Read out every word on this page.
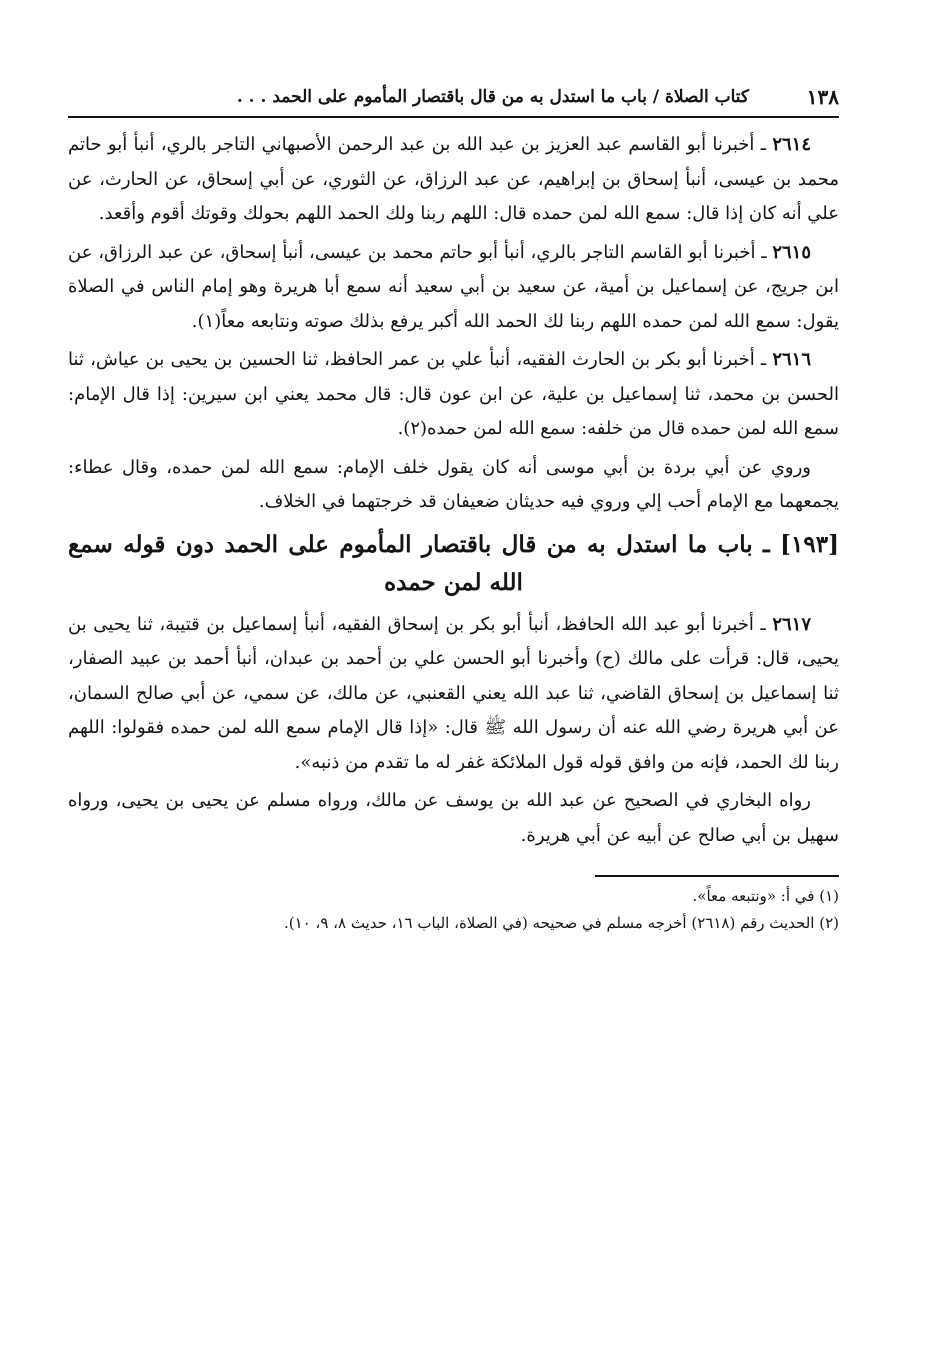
١٣٨
كتاب الصلاة / باب ما استدل به من قال باقتصار المأموم على الحمد . . .

٢٦١٤ ـ أخبرنا أبو القاسم عبد العزيز بن عبد الله بن عبد الرحمن الأصبهاني التاجر بالري، أنبأ أبو حاتم محمد بن عيسى، أنبأ إسحاق بن إبراهيم، عن عبد الرزاق، عن الثوري، عن أبي إسحاق، عن الحارث، عن علي أنه كان إذا قال: سمع الله لمن حمده قال: اللهم ربنا ولك الحمد اللهم بحولك وقوتك أقوم وأقعد.

٢٦١٥ ـ أخبرنا أبو القاسم التاجر بالري، أنبأ أبو حاتم محمد بن عيسى، أنبأ إسحاق، عن عبد الرزاق، عن ابن جريج، عن إسماعيل بن أمية، عن سعيد بن أبي سعيد أنه سمع أبا هريرة وهو إمام الناس في الصلاة يقول: سمع الله لمن حمده اللهم ربنا لك الحمد الله أكبر يرفع بذلك صوته ونتابعه معاً(١).

٢٦١٦ ـ أخبرنا أبو بكر بن الحارث الفقيه، أنبأ علي بن عمر الحافظ، ثنا الحسين بن يحيى بن عياش، ثنا الحسن بن محمد، ثنا إسماعيل بن علية، عن ابن عون قال: قال محمد يعني ابن سيرين: إذا قال الإمام: سمع الله لمن حمده قال من خلفه: سمع الله لمن حمده(٢).

وروي عن أبي بردة بن أبي موسى أنه كان يقول خلف الإمام: سمع الله لمن حمده، وقال عطاء: يجمعهما مع الإمام أحب إلي وروي فيه حديثان ضعيفان قد خرجتهما في الخلاف.

[١٩٣] ـ باب ما استدل به من قال باقتصار المأموم على الحمد دون قوله سمع الله لمن حمده

٢٦١٧ ـ أخبرنا أبو عبد الله الحافظ، أنبأ أبو بكر بن إسحاق الفقيه، أنبأ إسماعيل بن قتيبة، ثنا يحيى بن يحيى، قال: قرأت على مالك (ح) وأخبرنا أبو الحسن علي بن أحمد بن عبدان، أنبأ أحمد بن عبيد الصفار، ثنا إسماعيل بن إسحاق القاضي، ثنا عبد الله يعني القعنبي، عن مالك، عن سمي، عن أبي صالح السمان، عن أبي هريرة رضي الله عنه أن رسول الله ﷺ قال: «إذا قال الإمام سمع الله لمن حمده فقولوا: اللهم ربنا لك الحمد، فإنه من وافق قوله قول الملائكة غفر له ما تقدم من ذنبه».

رواه البخاري في الصحيح عن عبد الله بن يوسف عن مالك، ورواه مسلم عن يحيى بن يحيى، ورواه سهيل بن أبي صالح عن أبيه عن أبي هريرة.

(١) في أ: «ونتبعه معاً».

(٢) الحديث رقم (٢٦١٨) أخرجه مسلم في صحيحه (في الصلاة، الباب ١٦، حديث ٨، ٩، ١٠).
